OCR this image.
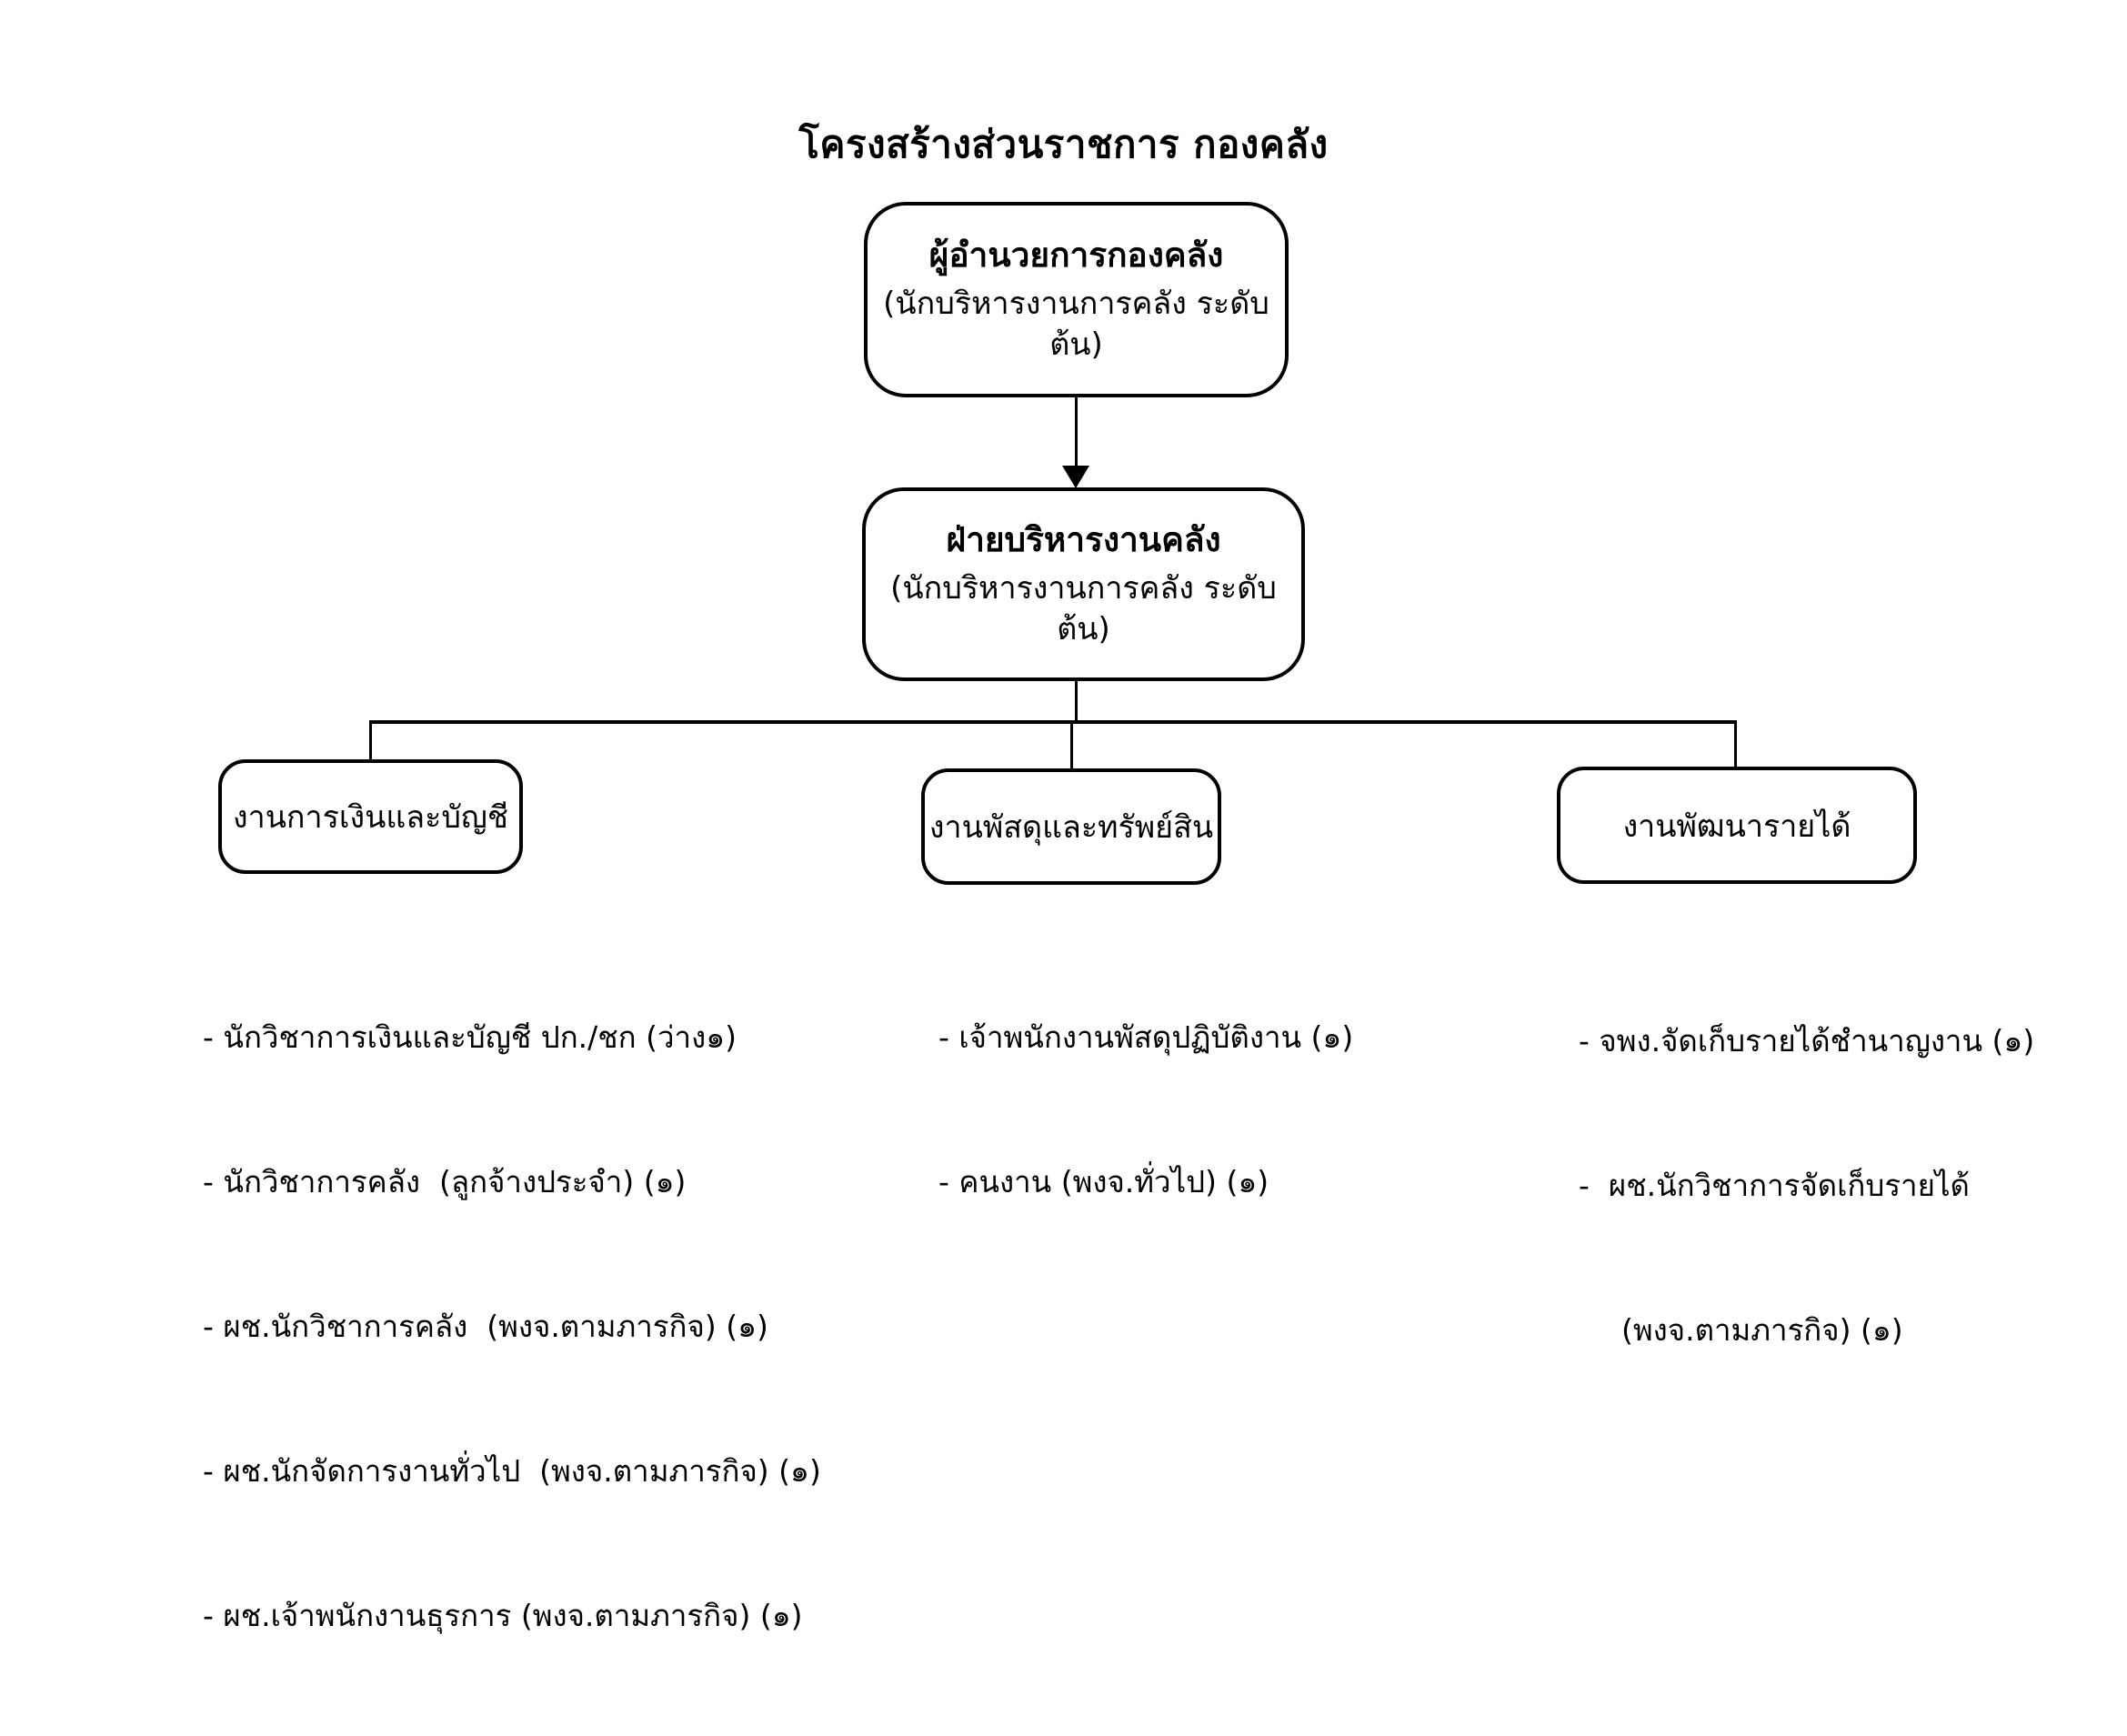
โครงสร้างส่วนราชการ กองคลัง
ผู้อำนวยการกองคลัง
(นักบริหารงานการคลัง ระดับต้น)
ฝ่ายบริหารงานคลัง
(นักบริหารงานการคลัง ระดับต้น)
งานการเงินและบัญชี	งานพัสดุและทรัพย์สิน	งานพัฒนารายได้

- นักวิชาการเงินและบัญชี ปก./ชก (ว่าง๑)

- นักวิชาการคลัง  (ลูกจ้างประจำ) (๑)

- ผช.นักวิชาการคลัง  (พงจ.ตามภารกิจ) (๑)

- ผช.นักจัดการงานทั่วไป  (พงจ.ตามภารกิจ) (๑)

- ผช.เจ้าพนักงานธุรการ (พงจ.ตามภารกิจ) (๑)

- เจ้าพนักงานพัสดุปฏิบัติงาน (๑)

- คนงาน (พงจ.ทั่วไป) (๑)

- จพง.จัดเก็บรายได้ชำนาญงาน (๑)

-  ผช.นักวิชาการจัดเก็บรายได้

(พงจ.ตามภารกิจ) (๑)
